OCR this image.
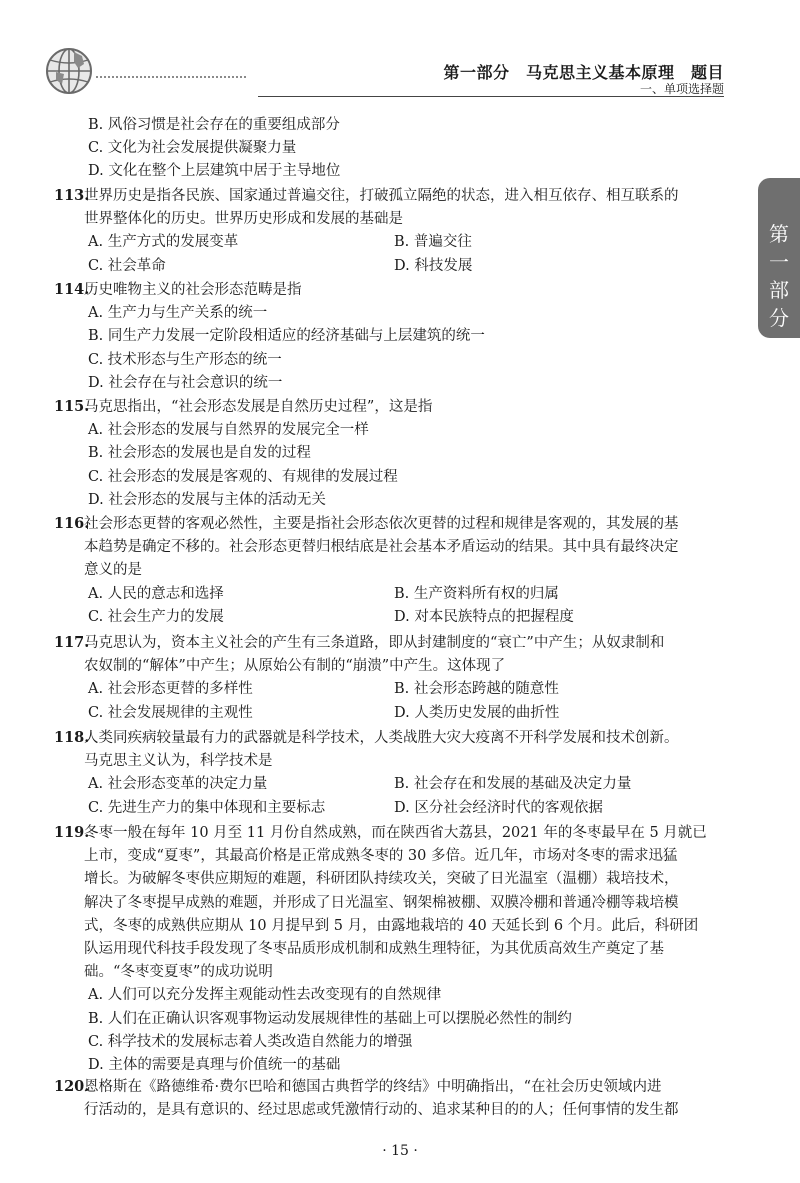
第一部分　马克思主义基本原理　题目
一、单项选择题
第
一
部
分
B. 风俗习惯是社会存在的重要组成部分
C. 文化为社会发展提供凝聚力量
D. 文化在整个上层建筑中居于主导地位
113.世界历史是指各民族、国家通过普遍交往，打破孤立隔绝的状态，进入相互依存、相互联系的
世界整体化的历史。世界历史形成和发展的基础是
A. 生产方式的发展变革	B. 普遍交往
C. 社会革命	D. 科技发展
114.历史唯物主义的社会形态范畴是指
A. 生产力与生产关系的统一
B. 同生产力发展一定阶段相适应的经济基础与上层建筑的统一
C. 技术形态与生产形态的统一
D. 社会存在与社会意识的统一
115.马克思指出，“社会形态发展是自然历史过程”，这是指
A. 社会形态的发展与自然界的发展完全一样
B. 社会形态的发展也是自发的过程
C. 社会形态的发展是客观的、有规律的发展过程
D. 社会形态的发展与主体的活动无关
116.社会形态更替的客观必然性，主要是指社会形态依次更替的过程和规律是客观的，其发展的基
本趋势是确定不移的。社会形态更替归根结底是社会基本矛盾运动的结果。其中具有最终决定
意义的是
A. 人民的意志和选择	B. 生产资料所有权的归属
C. 社会生产力的发展	D. 对本民族特点的把握程度
117.马克思认为，资本主义社会的产生有三条道路，即从封建制度的“衰亡”中产生；从奴隶制和
农奴制的“解体”中产生；从原始公有制的“崩溃”中产生。这体现了
A. 社会形态更替的多样性	B. 社会形态跨越的随意性
C. 社会发展规律的主观性	D. 人类历史发展的曲折性
118.人类同疾病较量最有力的武器就是科学技术，人类战胜大灾大疫离不开科学发展和技术创新。
马克思主义认为，科学技术是
A. 社会形态变革的决定力量	B. 社会存在和发展的基础及决定力量
C. 先进生产力的集中体现和主要标志	D. 区分社会经济时代的客观依据
119.冬枣一般在每年 10 月至 11 月份自然成熟，而在陕西省大荔县，2021 年的冬枣最早在 5 月就已
上市，变成“夏枣”，其最高价格是正常成熟冬枣的 30 多倍。近几年，市场对冬枣的需求迅猛
增长。为破解冬枣供应期短的难题，科研团队持续攻关，突破了日光温室（温棚）栽培技术，
解决了冬枣提早成熟的难题，并形成了日光温室、钢架棉被棚、双膜冷棚和普通冷棚等栽培模
式，冬枣的成熟供应期从 10 月提早到 5 月，由露地栽培的 40 天延长到 6 个月。此后，科研团
队运用现代科技手段发现了冬枣品质形成机制和成熟生理特征，为其优质高效生产奠定了基
础。“冬枣变夏枣”的成功说明
A. 人们可以充分发挥主观能动性去改变现有的自然规律
B. 人们在正确认识客观事物运动发展规律性的基础上可以摆脱必然性的制约
C. 科学技术的发展标志着人类改造自然能力的增强
D. 主体的需要是真理与价值统一的基础
120.恩格斯在《路德维希·费尔巴哈和德国古典哲学的终结》中明确指出，“在社会历史领域内进
行活动的，是具有意识的、经过思虑或凭激情行动的、追求某种目的的人；任何事情的发生都
· 15 ·
